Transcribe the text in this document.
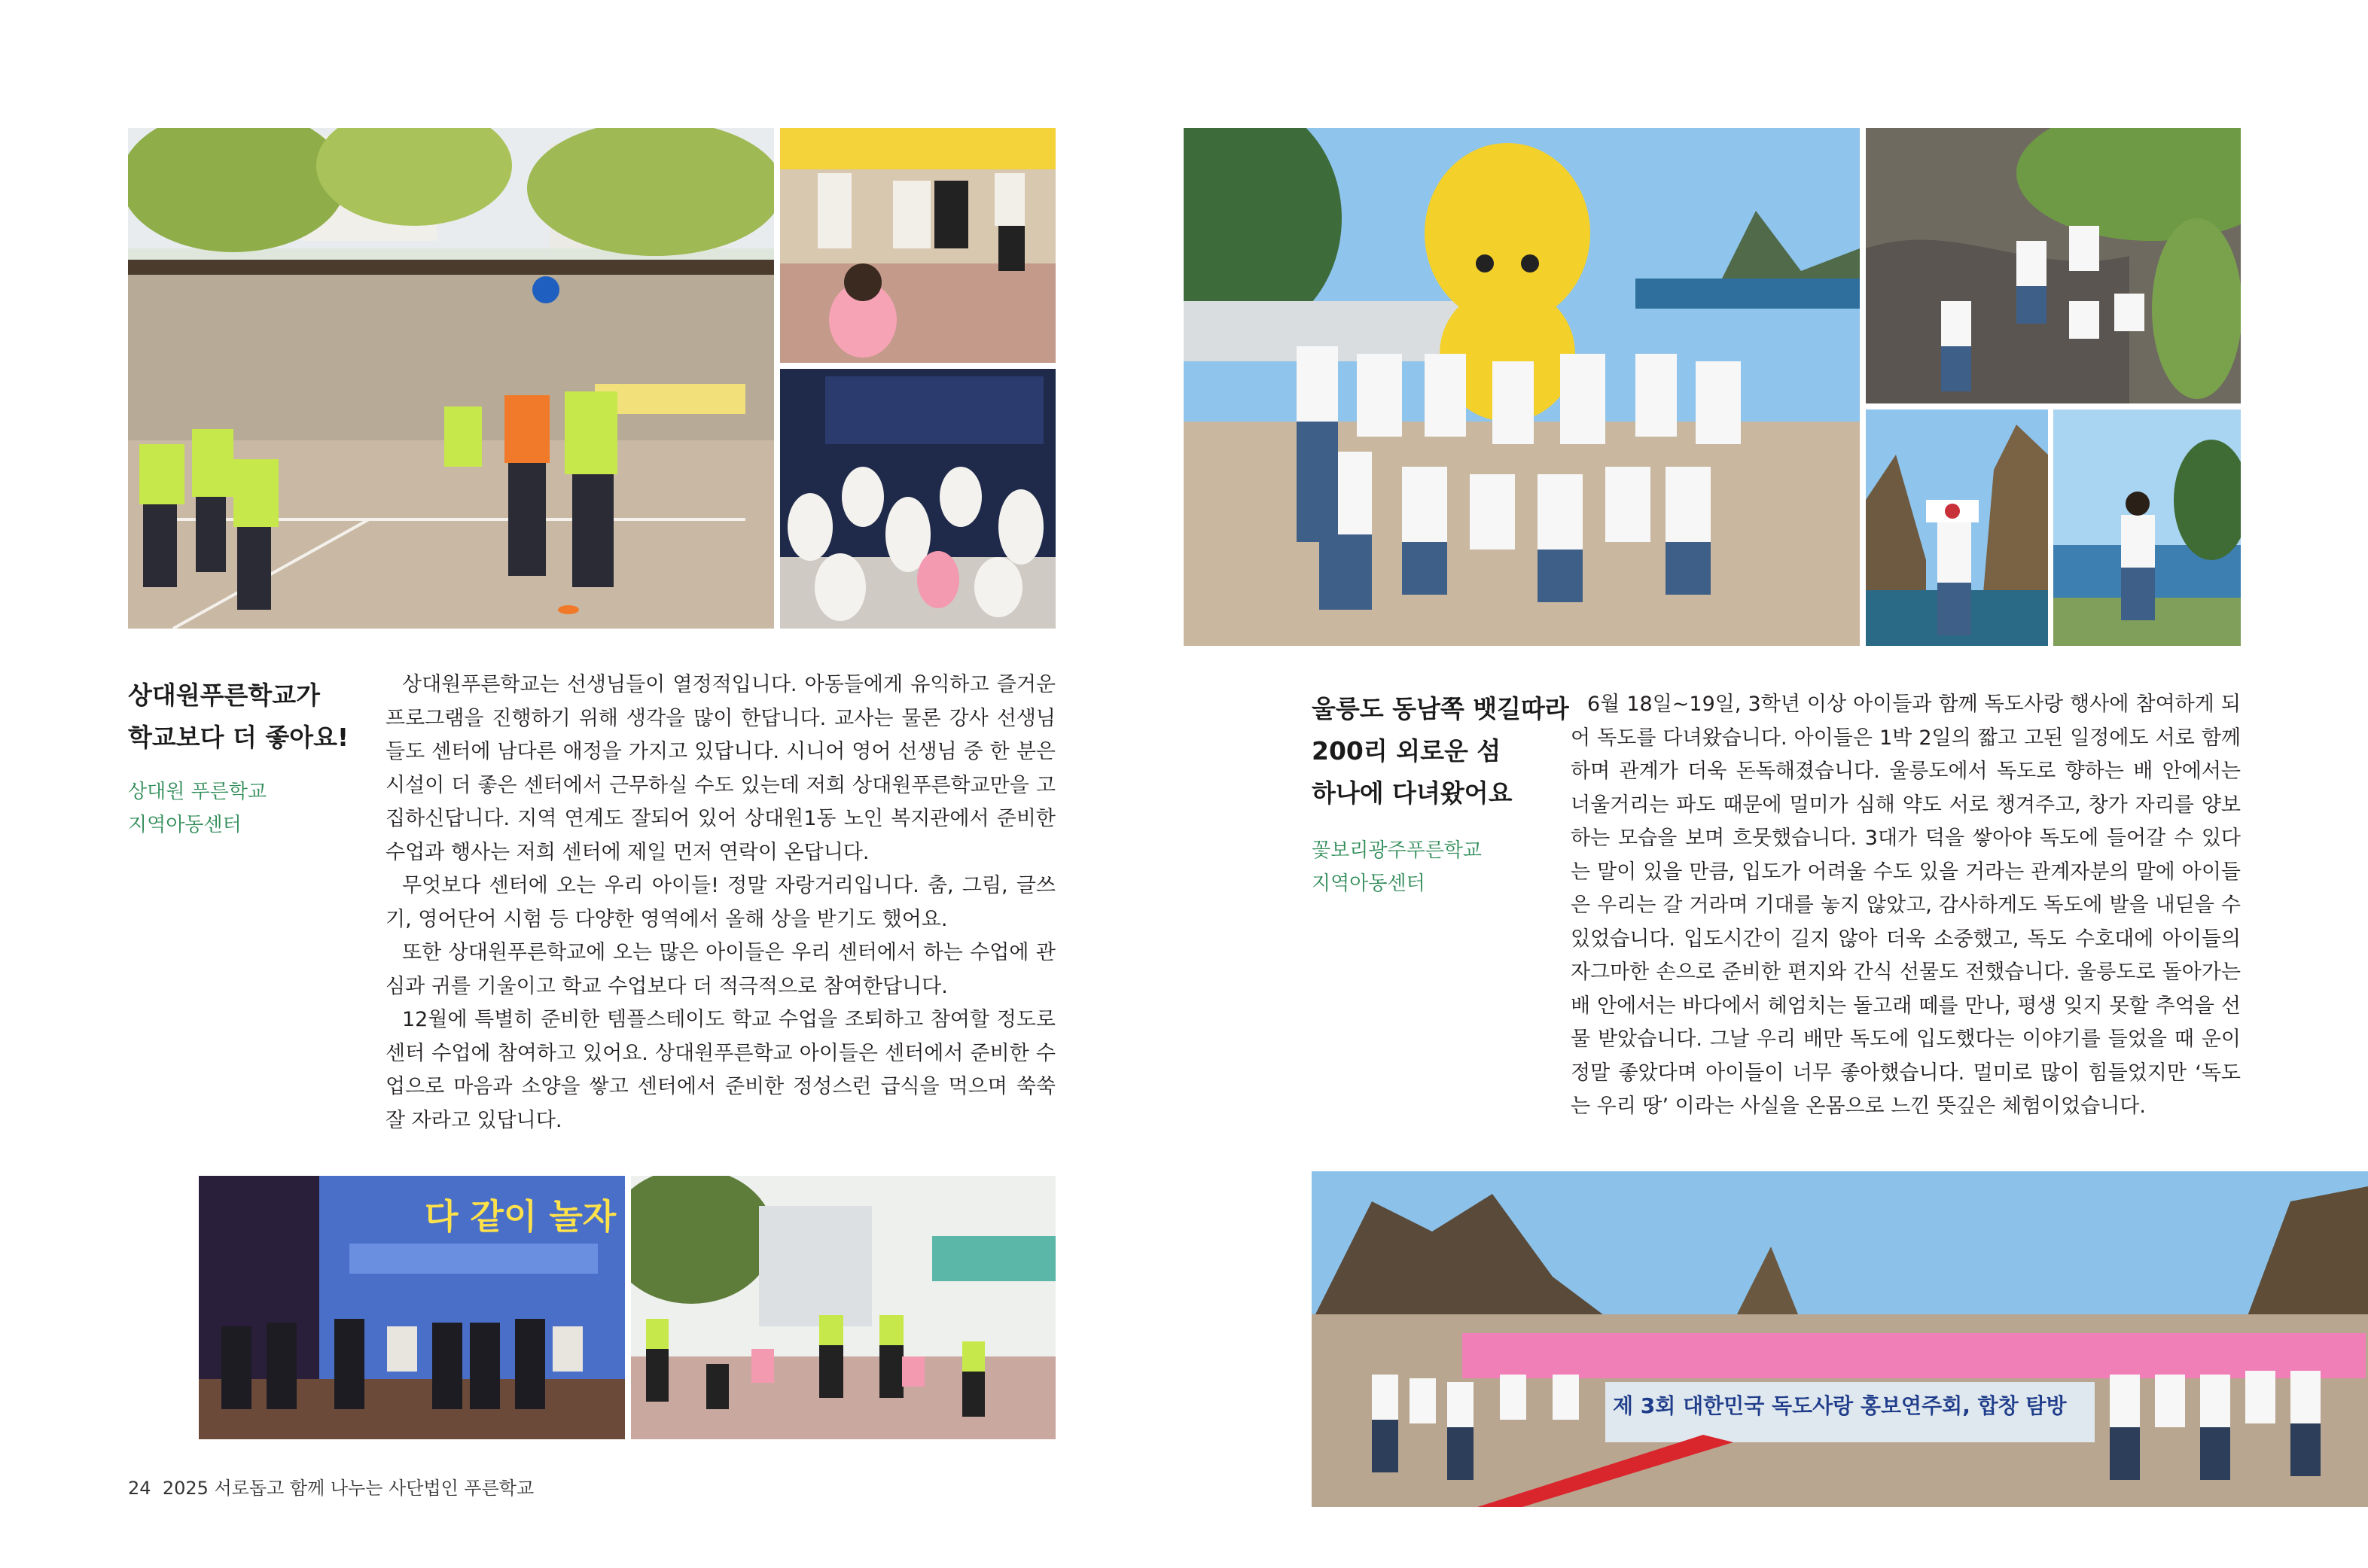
상대원푸른학교가
학교보다 더 좋아요!
상대원 푸른학교
지역아동센터

상대원푸른학교는 선생님들이 열정적입니다. 아동들에게 유익하고 즐거운 프로그램을 진행하기 위해 생각을 많이 한답니다. 교사는 물론 강사 선생님들도 센터에 남다른 애정을 가지고 있답니다. 시니어 영어 선생님 중 한 분은 시설이 더 좋은 센터에서 근무하실 수도 있는데 저희 상대원푸른학교만을 고집하신답니다. 지역 연계도 잘되어 있어 상대원1동 노인 복지관에서 준비한 수업과 행사는 저희 센터에 제일 먼저 연락이 온답니다.

무엇보다 센터에 오는 우리 아이들! 정말 자랑거리입니다. 춤, 그림, 글쓰기, 영어단어 시험 등 다양한 영역에서 올해 상을 받기도 했어요.

또한 상대원푸른학교에 오는 많은 아이들은 우리 센터에서 하는 수업에 관심과 귀를 기울이고 학교 수업보다 더 적극적으로 참여한답니다.

12월에 특별히 준비한 템플스테이도 학교 수업을 조퇴하고 참여할 정도로 센터 수업에 참여하고 있어요. 상대원푸른학교 아이들은 센터에서 준비한 수업으로 마음과 소양을 쌓고 센터에서 준비한 정성스런 급식을 먹으며 쑥쑥 잘 자라고 있답니다.

다 같이 놀자
24 2025 서로돕고 함께 나누는 사단법인 푸른학교
울릉도 동남쪽 뱃길따라
200리 외로운 섬
하나에 다녀왔어요
꽃보리광주푸른학교
지역아동센터

6월 18일~19일, 3학년 이상 아이들과 함께 독도사랑 행사에 참여하게 되어 독도를 다녀왔습니다. 아이들은 1박 2일의 짧고 고된 일정에도 서로 함께하며 관계가 더욱 돈독해졌습니다. 울릉도에서 독도로 향하는 배 안에서는 너울거리는 파도 때문에 멀미가 심해 약도 서로 챙겨주고, 창가 자리를 양보하는 모습을 보며 흐뭇했습니다. 3대가 덕을 쌓아야 독도에 들어갈 수 있다는 말이 있을 만큼, 입도가 어려울 수도 있을 거라는 관계자분의 말에 아이들은 우리는 갈 거라며 기대를 놓지 않았고, 감사하게도 독도에 발을 내딛을 수 있었습니다. 입도시간이 길지 않아 더욱 소중했고, 독도 수호대에 아이들의 자그마한 손으로 준비한 편지와 간식 선물도 전했습니다. 울릉도로 돌아가는 배 안에서는 바다에서 헤엄치는 돌고래 떼를 만나, 평생 잊지 못할 추억을 선물 받았습니다. 그날 우리 배만 독도에 입도했다는 이야기를 들었을 때 운이 정말 좋았다며 아이들이 너무 좋아했습니다. 멀미로 많이 힘들었지만 ‘독도는 우리 땅’ 이라는 사실을 온몸으로 느낀 뜻깊은 체험이었습니다.

제 3회 대한민국 독도사랑 홍보연주회, 합창 탐방
